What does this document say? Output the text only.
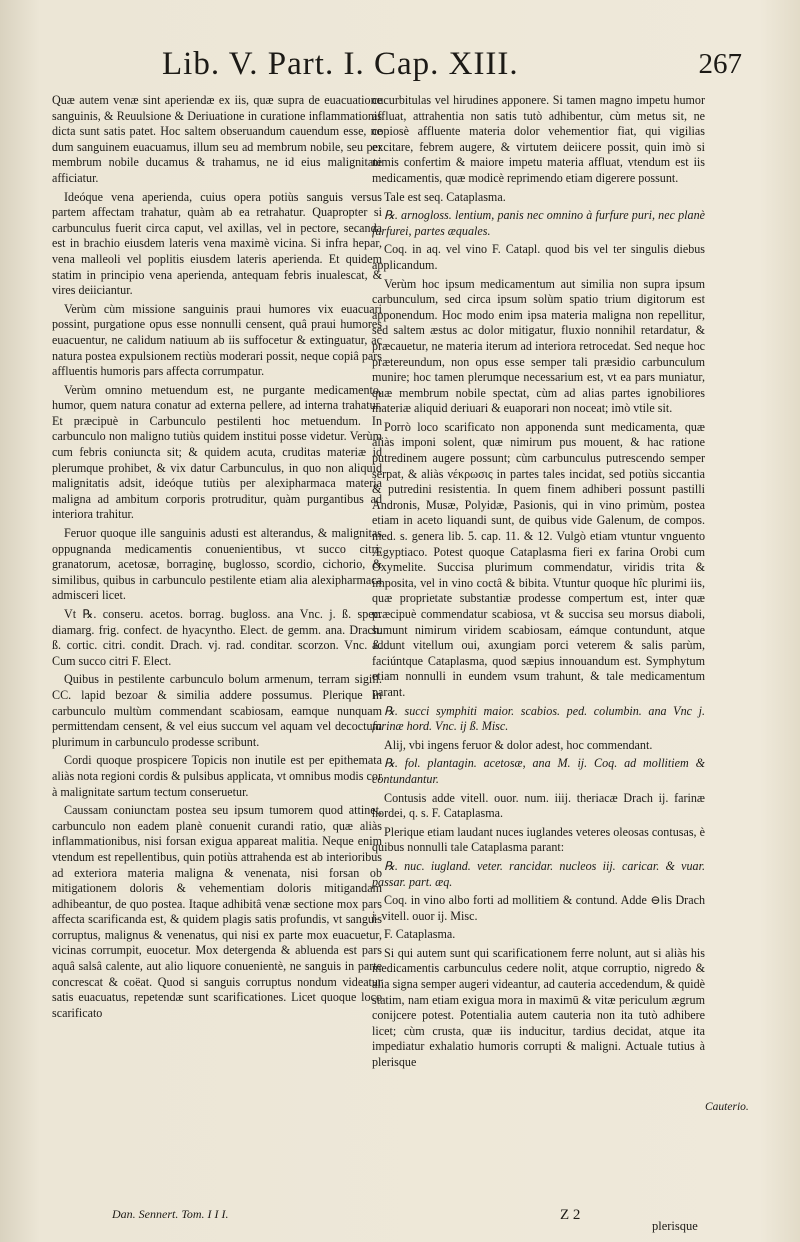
Lib. V. Part. I. Cap. XIII.	267

Quæ autem venæ sint aperiendæ ex iis, quæ supra de euacuatione sanguinis, & Reuulsione & Deriuatione in curatione inflammationis dicta sunt satis patet. Hoc saltem obseruandum cauendum esse, ne dum sanguinem euacuamus, illum seu ad membrum nobile, seu per membrum nobile ducamus & trahamus, ne id eius malignitate afficiatur.

Ideóque vena aperienda, cuius opera potiùs sanguis versus partem affectam trahatur, quàm ab ea retrahatur. Quapropter si carbunculus fuerit circa caput, vel axillas, vel in pectore, secanda est in brachio eiusdem lateris vena maximè vicina. Si infra hepar, vena malleoli vel poplitis eiusdem lateris aperienda. Et quidem statim in principio vena aperienda, antequam febris inualescat, & vires deiiciantur.

Verùm cùm missione sanguinis praui humores vix euacuari possint, purgatione opus esse nonnulli censent, quâ praui humores euacuentur, ne calidum natiuum ab iis suffocetur & extinguatur, ac natura postea expulsionem rectiùs moderari possit, neque copiâ pars affluentis humoris pars affecta corrumpatur.

Verùm omnino metuendum est, ne purgante medicamento, humor, quem natura conatur ad externa pellere, ad interna trahatur. Et præcipuè in Carbunculo pestilenti hoc metuendum. In carbunculo non maligno tutiùs quidem institui posse videtur. Verùm cum febris coniuncta sit; & quidem acuta, cruditas materiæ id plerumque prohibet, & vix datur Carbunculus, in quo non aliquid malignitatis adsit, ideóque tutiùs per alexipharmaca materia maligna ad ambitum corporis protruditur, quàm purgantibus ad interiora trahitur.

Feruor quoque ille sanguinis adusti est alterandus, & malignitas oppugnanda medicamentis conuenientibus, vt succo citri, granatorum, acetosæ, borraginę, buglosso, scordio, cichorio, & similibus, quibus in carbunculo pestilente etiam alia alexipharmaca admisceri licet.

Vt ℞. conseru. acetos. borrag. bugloss. ana Vnc. j. ß. spec. diamarg. frig. confect. de hyacyntho. Elect. de gemm. ana. Drach. ß. cortic. citri. condit. Drach. vj. rad. conditar. scorzon. Vnc. ß. Cum succo citri F. Elect.

Quibus in pestilente carbunculo bolum armenum, terram sigill. CC. lapid bezoar & similia addere possumus. Plerique in carbunculo multùm commendant scabiosam, eamque nunquam permittendam censent, & vel eius succum vel aquam vel decoctum plurimum in carbunculo prodesse scribunt.

Cordi quoque prospicere Topicis non inutile est per epithemata aliàs nota regioni cordis & pulsibus applicata, vt omnibus modis cor à malignitate sartum tectum conseruetur.

Caussam coniunctam postea seu ipsum tumorem quod attinet, carbunculo non eadem planè conuenit curandi ratio, quæ aliàs inflammationibus, nisi forsan exigua appareat malitia. Neque enim vtendum est repellentibus, quin potiùs attrahenda est ab interioribus ad exteriora materia maligna & venenata, nisi forsan ob mitigationem doloris & vehementiam doloris mitigandam adhibeantur, de quo postea. Itaque adhibitâ venæ sectione mox pars affecta scarificanda est, & quidem plagis satis profundis, vt sanguis corruptus, malignus & venenatus, qui nisi ex parte mox euacuetur, vicinas corrumpit, euocetur. Mox detergenda & abluenda est pars aquâ salsâ calente, aut alio liquore conuenientè, ne sanguis in parte concrescat & coëat. Quod si sanguis corruptus nondum videatur satis euacuatus, repetendæ sunt scarificationes. Licet quoque loco scarificato

cucurbitulas vel hirudines apponere. Si tamen magno impetu humor affluat, attrahentia non satis tutò adhibentur, cùm metus sit, ne copiosè affluente materia dolor vehementior fiat, qui vigilias excitare, febrem augere, & virtutem deiicere possit, quin imò si nimis confertim & maiore impetu materia affluat, vtendum est iis medicamentis, quæ modicè reprimendo etiam digerere possunt.

Tale est seq. Cataplasma.

℞. arnogloss. lentium, panis nec omnino à furfure puri, nec planè furfurei, partes æquales.

Coq. in aq. vel vino F. Catapl. quod bis vel ter singulis diebus applicandum.

Verùm hoc ipsum medicamentum aut similia non supra ipsum carbunculum, sed circa ipsum solùm spatio trium digitorum est apponendum. Hoc modo enim ipsa materia maligna non repellitur, sed saltem æstus ac dolor mitigatur, fluxio nonnihil retardatur, & præcauetur, ne materia iterum ad interiora retrocedat. Sed neque hoc prætereundum, non opus esse semper tali præsidio carbunculum munire; hoc tamen plerumque necessarium est, vt ea pars muniatur, quæ membrum nobile spectat, cùm ad alias partes ignobiliores materiæ aliquid deriuari & euaporari non noceat; imò vtile sit.

Porrò loco scarificato non apponenda sunt medicamenta, quæ aliàs imponi solent, quæ nimirum pus mouent, & hac ratione putredinem augere possunt; cùm carbunculus putrescendo semper serpat, & aliàs νέκρωσις in partes tales incidat, sed potiùs siccantia & putredini resistentia. In quem finem adhiberi possunt pastilli Andronis, Musæ, Polyidæ, Pasionis, qui in vino primùm, postea etiam in aceto liquandi sunt, de quibus vide Galenum, de compos. med. s. genera lib. 5. cap. 11. & 12. Vulgò etiam vtuntur vnguento Ægyptiaco. Potest quoque Cataplasma fieri ex farina Orobi cum Oxymelite. Succisa plurimum commendatur, viridis trita & imposita, vel in vino coctâ & bibita. Vtuntur quoque hîc plurimi iis, quæ proprietate substantiæ prodesse compertum est, inter quæ præcipuè commendatur scabiosa, vt & succisa seu morsus diaboli, sumunt nimirum viridem scabiosam, eámque contundunt, atque addunt vitellum oui, axungiam porci veterem & salis parùm, faciúntque Cataplasma, quod sæpius innouandum est. Symphytum etiam nonnulli in eundem vsum trahunt, & tale medicamentum parant.

℞. succi symphiti maior. scabios. ped. columbin. ana Vnc j. farinæ hord. Vnc. ij ß. Misc.

Alij, vbi ingens feruor & dolor adest, hoc commendant.

℞. fol. plantagin. acetosæ, ana M. ij. Coq. ad mollitiem & contundantur.

Contusis adde vitell. ouor. num. iiij. theriacæ Drach ij. farinæ hordei, q. s. F. Cataplasma.

Plerique etiam laudant nuces iuglandes veteres oleosas contusas, è quibus nonnulli tale Cataplasma parant:

℞. nuc. iugland. veter. rancidar. nucleos iij. caricar. & vuar. passar. part. æq.

Coq. in vino albo forti ad mollitiem & contund. Adde ⊖lis Drach j. vitell. ouor ij. Misc.

F. Cataplasma.

Si qui autem sunt qui scarificationem ferre nolunt, aut si aliàs his medicamentis carbunculus cedere nolit, atque corruptio, nigredo & alia signa semper augeri videantur, ad cauteria accedendum, & quidè statim, nam etiam exigua mora in maximū & vitæ periculum ægrum conijcere potest. Potentialia autem cauteria non ita tutò adhibere licet; cùm crusta, quæ iis inducitur, tardius decidat, atque ita impediatur exhalatio humoris corrupti & maligni. Actuale tutius à plerisque

Cauterio.
Dan. Sennert. Tom. I I I.	Z 2
plerisque
